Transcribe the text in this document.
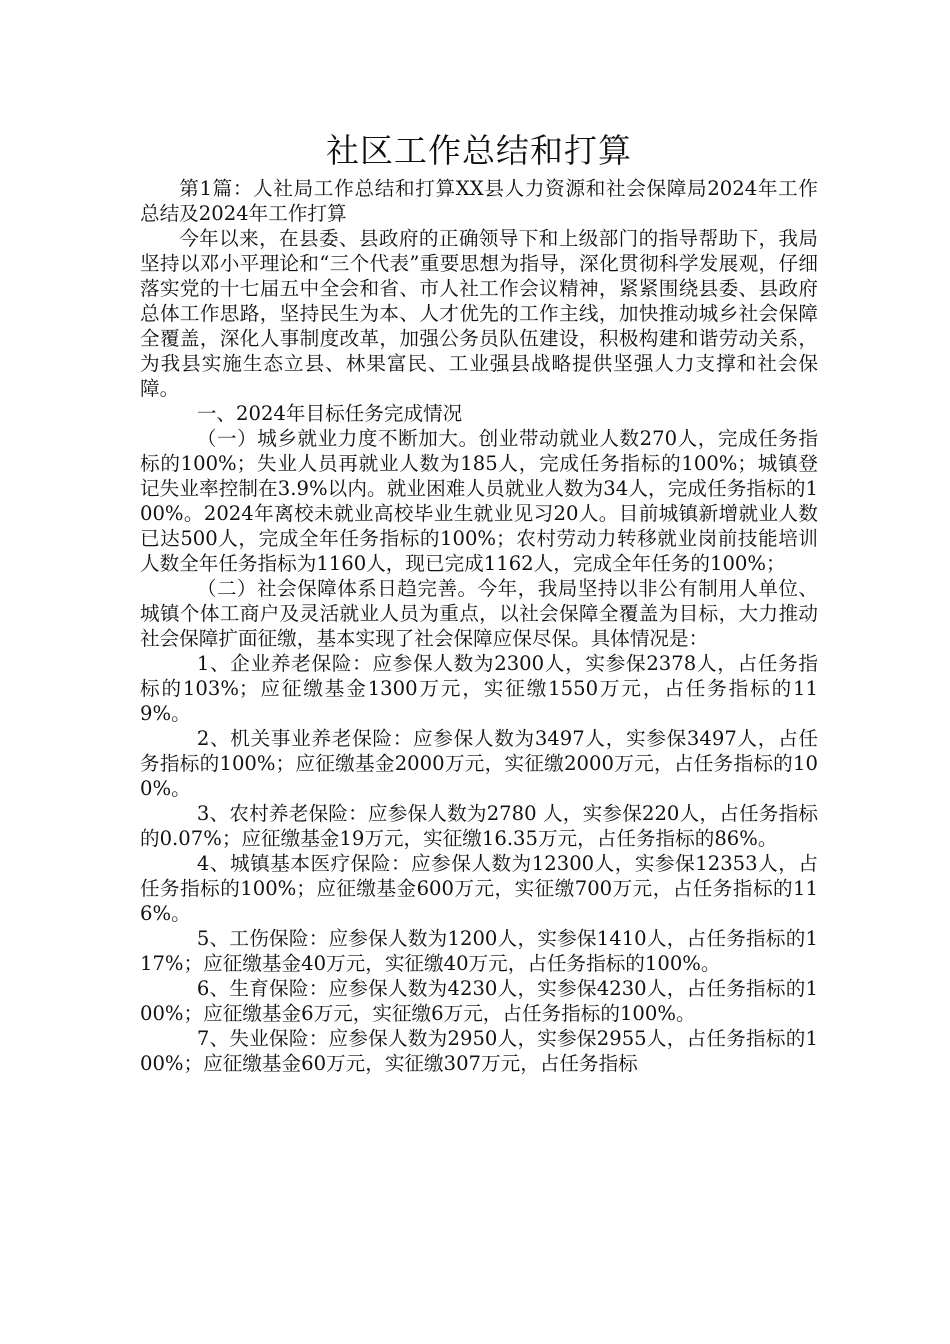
社区工作总结和打算

第1篇：人社局工作总结和打算XX县人力资源和社会保障局2024年工作总结及2024年工作打算

今年以来，在县委、县政府的正确领导下和上级部门的指导帮助下，我局坚持以邓小平理论和“三个代表”重要思想为指导，深化贯彻科学发展观，仔细落实党的十七届五中全会和省、市人社工作会议精神，紧紧围绕县委、县政府总体工作思路，坚持民生为本、人才优先的工作主线，加快推动城乡社会保障全覆盖，深化人事制度改革，加强公务员队伍建设，积极构建和谐劳动关系，为我县实施生态立县、林果富民、工业强县战略提供坚强人力支撑和社会保障。

一、2024年目标任务完成情况

（一）城乡就业力度不断加大。创业带动就业人数270人，完成任务指标的100%；失业人员再就业人数为185人，完成任务指标的100%；城镇登记失业率控制在3.9%以内。就业困难人员就业人数为34人，完成任务指标的100%。2024年离校未就业高校毕业生就业见习20人。目前城镇新增就业人数已达500人，完成全年任务指标的100%；农村劳动力转移就业岗前技能培训人数全年任务指标为1160人，现已完成1162人，完成全年任务的100%；

（二）社会保障体系日趋完善。今年，我局坚持以非公有制用人单位、城镇个体工商户及灵活就业人员为重点，以社会保障全覆盖为目标，大力推动社会保障扩面征缴，基本实现了社会保障应保尽保。具体情况是：

1、企业养老保险：应参保人数为2300人，实参保2378人，占任务指标的103%；应征缴基金1300万元，实征缴1550万元，占任务指标的119%。

2、机关事业养老保险：应参保人数为3497人，实参保3497人，占任务指标的100%；应征缴基金2000万元，实征缴2000万元，占任务指标的100%。

3、农村养老保险：应参保人数为2780 人，实参保220人，占任务指标的0.07%；应征缴基金19万元，实征缴16.35万元，占任务指标的86%。

4、城镇基本医疗保险：应参保人数为12300人，实参保12353人，占任务指标的100%；应征缴基金600万元，实征缴700万元，占任务指标的116%。

5、工伤保险：应参保人数为1200人，实参保1410人，占任务指标的117%；应征缴基金40万元，实征缴40万元，占任务指标的100%。

6、生育保险：应参保人数为4230人，实参保4230人，占任务指标的100%；应征缴基金6万元，实征缴6万元，占任务指标的100%。

7、失业保险：应参保人数为2950人，实参保2955人，占任务指标的100%；应征缴基金60万元，实征缴307万元，占任务指标
